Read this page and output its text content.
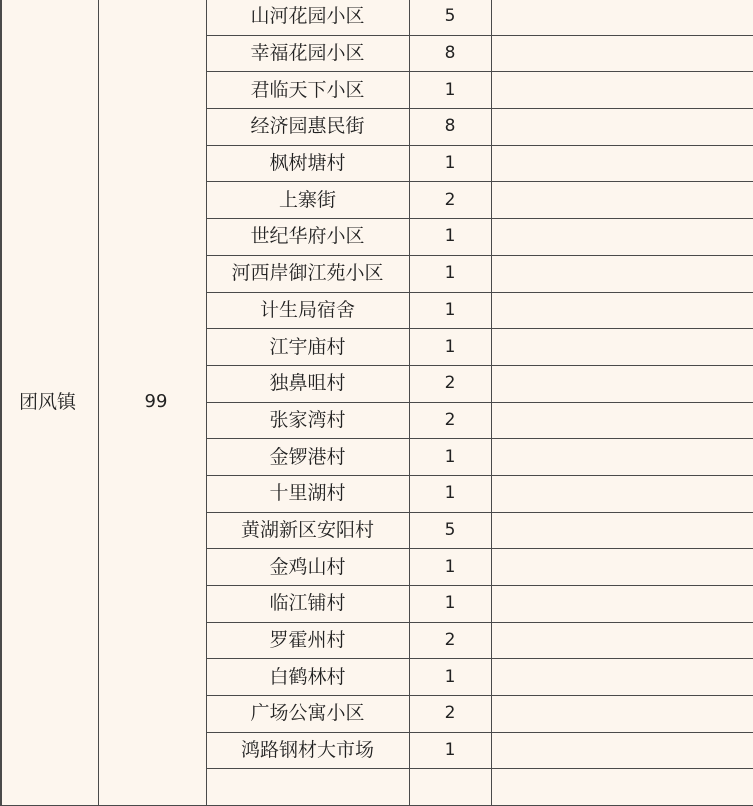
团风镇	99	山河花园小区	5	
		幸福花园小区	8	
		君临天下小区	1	
		经济园惠民街	8	
		枫树塘村	1	
		上寨街	2	
		世纪华府小区	1	
		河西岸御江苑小区	1	
		计生局宿舍	1	
		江宇庙村	1	
		独鼻咀村	2	
		张家湾村	2	
		金锣港村	1	
		十里湖村	1	
		黄湖新区安阳村	5	
		金鸡山村	1	
		临江铺村	1	
		罗霍州村	2	
		白鹤林村	1	
		广场公寓小区	2	
		鸿路钢材大市场	1	
